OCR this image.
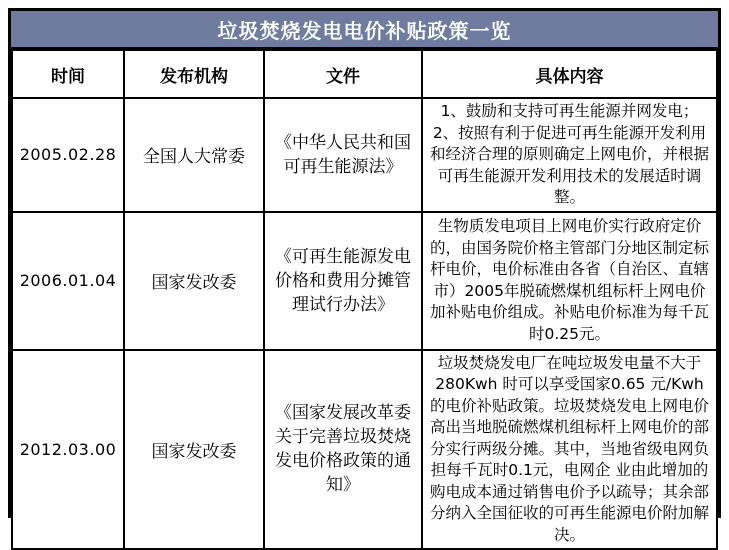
垃圾焚烧发电电价补贴政策一览
时间	发布机构	文件	具体内容
2005.02.28	全国人大常委	《中华人民共和国可再生能源法》	1、鼓励和支持可再生能源并网发电；2、按照有利于促进可再生能源开发利用和经济合理的原则确定上网电价，并根据可再生能源开发利用技术的发展适时调整。
2006.01.04	国家发改委	《可再生能源发电价格和费用分摊管理试行办法》	生物质发电项目上网电价实行政府定价的，由国务院价格主管部门分地区制定标杆电价，电价标准由各省（自治区、直辖市）2005年脱硫燃煤机组标杆上网电价加补贴电价组成。补贴电价标准为每千瓦时0.25元。
2012.03.00	国家发改委	《国家发展改革委关于完善垃圾焚烧发电价格政策的通知》	垃圾焚烧发电厂在吨垃圾发电量不大于280Kwh 时可以享受国家0.65 元/Kwh 的电价补贴政策。垃圾焚烧发电上网电价高出当地脱硫燃煤机组标杆上网电价的部分实行两级分摊。其中，当地省级电网负担每千瓦时0.1元，电网企 业由此增加的购电成本通过销售电价予以疏导；其余部分纳入全国征收的可再生能源电价附加解决。
